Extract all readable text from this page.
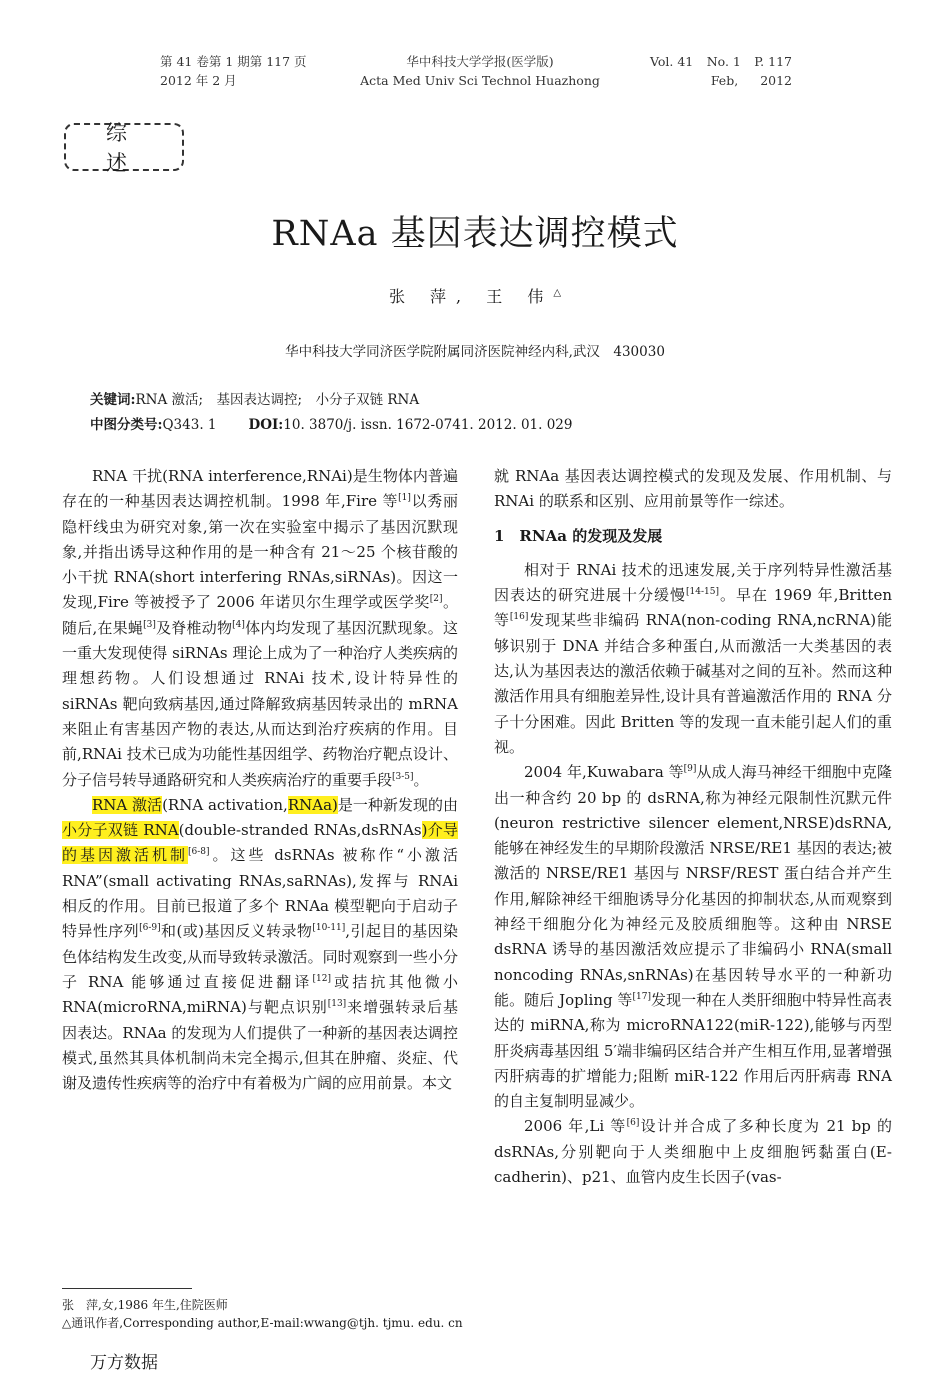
第 41 卷第 1 期第 117 页
2012 年 2 月
华中科技大学学报(医学版)
Acta Med Univ Sci Technol Huazhong
Vol. 41 No. 1 P. 117
Feb, 2012
综述
RNAa 基因表达调控模式
张 萍, 王 伟△
华中科技大学同济医学院附属同济医院神经内科,武汉　430030
关键词:RNA 激活;　基因表达调控;　小分子双链 RNA
中图分类号:Q343. 1 DOI:10. 3870/j. issn. 1672-0741. 2012. 01. 029

RNA 干扰(RNA interference,RNAi)是生物体内普遍存在的一种基因表达调控机制。1998 年,Fire 等[1]以秀丽隐杆线虫为研究对象,第一次在实验室中揭示了基因沉默现象,并指出诱导这种作用的是一种含有 21～25 个核苷酸的小干扰 RNA(short interfering RNAs,siRNAs)。因这一发现,Fire 等被授予了 2006 年诺贝尔生理学或医学奖[2]。随后,在果蝇[3]及脊椎动物[4]体内均发现了基因沉默现象。这一重大发现使得 siRNAs 理论上成为了一种治疗人类疾病的理想药物。人们设想通过 RNAi 技术,设计特异性的 siRNAs 靶向致病基因,通过降解致病基因转录出的 mRNA 来阻止有害基因产物的表达,从而达到治疗疾病的作用。目前,RNAi 技术已成为功能性基因组学、药物治疗靶点设计、分子信号转导通路研究和人类疾病治疗的重要手段[3-5]。

RNA 激活(RNA activation,RNAa)是一种新发现的由小分子双链 RNA(double-stranded RNAs,dsRNAs)介导的基因激活机制[6-8]。这些 dsRNAs 被称作“小激活 RNA”(small activating RNAs,saRNAs),发挥与 RNAi 相反的作用。目前已报道了多个 RNAa 模型靶向于启动子特异性序列[6-9]和(或)基因反义转录物[10-11],引起目的基因染色体结构发生改变,从而导致转录激活。同时观察到一些小分子 RNA 能够通过直接促进翻译[12]或拮抗其他微小 RNA(microRNA,miRNA)与靶点识别[13]来增强转录后基因表达。RNAa 的发现为人们提供了一种新的基因表达调控模式,虽然其具体机制尚未完全揭示,但其在肿瘤、炎症、代谢及遗传性疾病等的治疗中有着极为广阔的应用前景。本文

就 RNAa 基因表达调控模式的发现及发展、作用机制、与 RNAi 的联系和区别、应用前景等作一综述。

1　RNAa 的发现及发展

相对于 RNAi 技术的迅速发展,关于序列特异性激活基因表达的研究进展十分缓慢[14-15]。早在 1969 年,Britten 等[16]发现某些非编码 RNA(non-coding RNA,ncRNA)能够识别于 DNA 并结合多种蛋白,从而激活一大类基因的表达,认为基因表达的激活依赖于碱基对之间的互补。然而这种激活作用具有细胞差异性,设计具有普遍激活作用的 RNA 分子十分困难。因此 Britten 等的发现一直未能引起人们的重视。

2004 年,Kuwabara 等[9]从成人海马神经干细胞中克隆出一种含约 20 bp 的 dsRNA,称为神经元限制性沉默元件(neuron restrictive silencer element,NRSE)dsRNA,能够在神经发生的早期阶段激活 NRSE/RE1 基因的表达;被激活的 NRSE/RE1 基因与 NRSF/REST 蛋白结合并产生作用,解除神经干细胞诱导分化基因的抑制状态,从而观察到神经干细胞分化为神经元及胶质细胞等。这种由 NRSE dsRNA 诱导的基因激活效应提示了非编码小 RNA(small noncoding RNAs,snRNAs)在基因转导水平的一种新功能。随后 Jopling 等[17]发现一种在人类肝细胞中特异性高表达的 miRNA,称为 microRNA122(miR-122),能够与丙型肝炎病毒基因组 5′端非编码区结合并产生相互作用,显著增强丙肝病毒的扩增能力;阻断 miR-122 作用后丙肝病毒 RNA 的自主复制明显减少。

2006 年,Li 等[6]设计并合成了多种长度为 21 bp 的 dsRNAs,分别靶向于人类细胞中上皮细胞钙黏蛋白(E-cadherin)、p21、血管内皮生长因子(vas-

张　萍,女,1986 年生,住院医师
△通讯作者,Corresponding author,E-mail:wwang@tjh. tjmu. edu. cn
万方数据
